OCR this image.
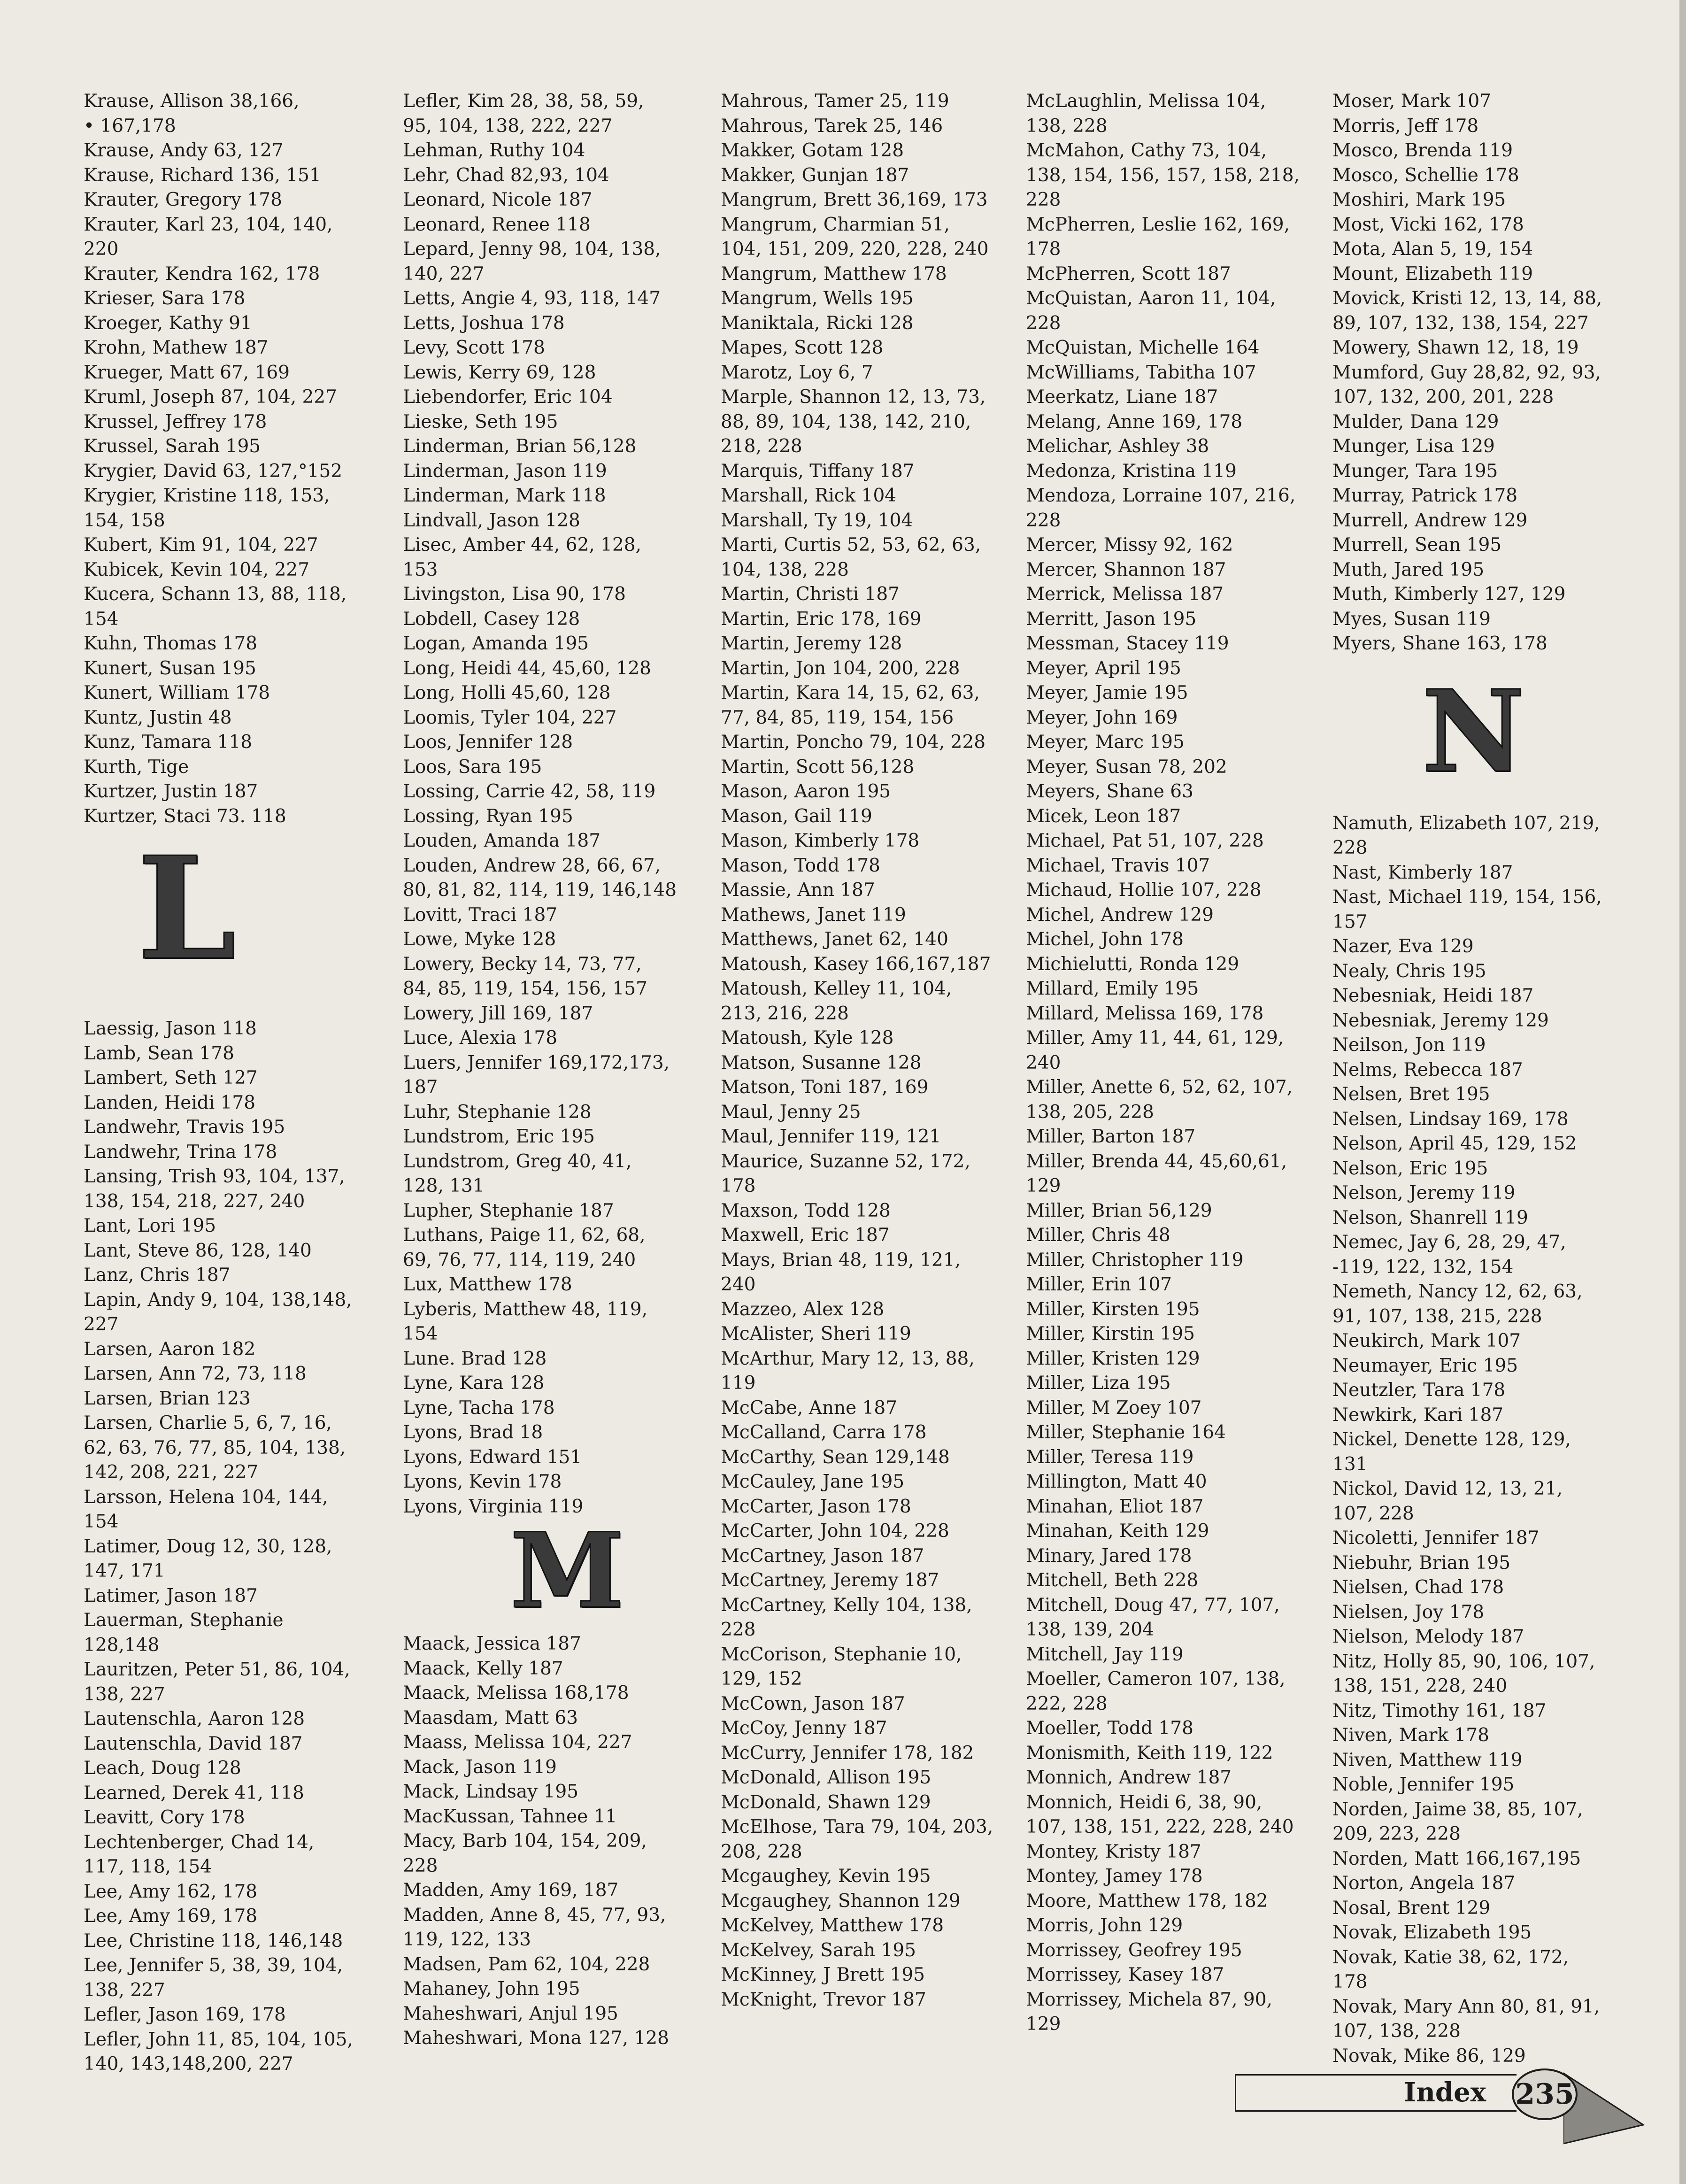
Krause, Allison 38,166,
• 167,178
Krause, Andy 63, 127
Krause, Richard 136, 151
Krauter, Gregory 178
Krauter, Karl 23, 104, 140,
220
Krauter, Kendra 162, 178
Krieser, Sara 178
Kroeger, Kathy 91
Krohn, Mathew 187
Krueger, Matt 67, 169
Kruml, Joseph 87, 104, 227
Krussel, Jeffrey 178
Krussel, Sarah 195
Krygier, David 63, 127,°152
Krygier, Kristine 118, 153,
154, 158
Kubert, Kim 91, 104, 227
Kubicek, Kevin 104, 227
Kucera, Schann 13, 88, 118,
154
Kuhn, Thomas 178
Kunert, Susan 195
Kunert, William 178
Kuntz, Justin 48
Kunz, Tamara 118
Kurth, Tige
Kurtzer, Justin 187
Kurtzer, Staci 73. 118
L
Laessig, Jason 118
Lamb, Sean 178
Lambert, Seth 127
Landen, Heidi 178
Landwehr, Travis 195
Landwehr, Trina 178
Lansing, Trish 93, 104, 137,
138, 154, 218, 227, 240
Lant, Lori 195
Lant, Steve 86, 128, 140
Lanz, Chris 187
Lapin, Andy 9, 104, 138,148,
227
Larsen, Aaron 182
Larsen, Ann 72, 73, 118
Larsen, Brian 123
Larsen, Charlie 5, 6, 7, 16,
62, 63, 76, 77, 85, 104, 138,
142, 208, 221, 227
Larsson, Helena 104, 144,
154
Latimer, Doug 12, 30, 128,
147, 171
Latimer, Jason 187
Lauerman, Stephanie
128,148
Lauritzen, Peter 51, 86, 104,
138, 227
Lautenschla, Aaron 128
Lautenschla, David 187
Leach, Doug 128
Learned, Derek 41, 118
Leavitt, Cory 178
Lechtenberger, Chad 14,
117, 118, 154
Lee, Amy 162, 178
Lee, Amy 169, 178
Lee, Christine 118, 146,148
Lee, Jennifer 5, 38, 39, 104,
138, 227
Lefler, Jason 169, 178
Lefler, John 11, 85, 104, 105,
140, 143,148,200, 227
Lefler, Kim 28, 38, 58, 59,
95, 104, 138, 222, 227
Lehman, Ruthy 104
Lehr, Chad 82,93, 104
Leonard, Nicole 187
Leonard, Renee 118
Lepard, Jenny 98, 104, 138,
140, 227
Letts, Angie 4, 93, 118, 147
Letts, Joshua 178
Levy, Scott 178
Lewis, Kerry 69, 128
Liebendorfer, Eric 104
Lieske, Seth 195
Linderman, Brian 56,128
Linderman, Jason 119
Linderman, Mark 118
Lindvall, Jason 128
Lisec, Amber 44, 62, 128,
153
Livingston, Lisa 90, 178
Lobdell, Casey 128
Logan, Amanda 195
Long, Heidi 44, 45,60, 128
Long, Holli 45,60, 128
Loomis, Tyler 104, 227
Loos, Jennifer 128
Loos, Sara 195
Lossing, Carrie 42, 58, 119
Lossing, Ryan 195
Louden, Amanda 187
Louden, Andrew 28, 66, 67,
80, 81, 82, 114, 119, 146,148
Lovitt, Traci 187
Lowe, Myke 128
Lowery, Becky 14, 73, 77,
84, 85, 119, 154, 156, 157
Lowery, Jill 169, 187
Luce, Alexia 178
Luers, Jennifer 169,172,173,
187
Luhr, Stephanie 128
Lundstrom, Eric 195
Lundstrom, Greg 40, 41,
128, 131
Lupher, Stephanie 187
Luthans, Paige 11, 62, 68,
69, 76, 77, 114, 119, 240
Lux, Matthew 178
Lyberis, Matthew 48, 119,
154
Lune. Brad 128
Lyne, Kara 128
Lyne, Tacha 178
Lyons, Brad 18
Lyons, Edward 151
Lyons, Kevin 178
Lyons, Virginia 119
M
Maack, Jessica 187
Maack, Kelly 187
Maack, Melissa 168,178
Maasdam, Matt 63
Maass, Melissa 104, 227
Mack, Jason 119
Mack, Lindsay 195
MacKussan, Tahnee 11
Macy, Barb 104, 154, 209,
228
Madden, Amy 169, 187
Madden, Anne 8, 45, 77, 93,
119, 122, 133
Madsen, Pam 62, 104, 228
Mahaney, John 195
Maheshwari, Anjul 195
Maheshwari, Mona 127, 128
Mahrous, Tamer 25, 119
Mahrous, Tarek 25, 146
Makker, Gotam 128
Makker, Gunjan 187
Mangrum, Brett 36,169, 173
Mangrum, Charmian 51,
104, 151, 209, 220, 228, 240
Mangrum, Matthew 178
Mangrum, Wells 195
Maniktala, Ricki 128
Mapes, Scott 128
Marotz, Loy 6, 7
Marple, Shannon 12, 13, 73,
88, 89, 104, 138, 142, 210,
218, 228
Marquis, Tiffany 187
Marshall, Rick 104
Marshall, Ty 19, 104
Marti, Curtis 52, 53, 62, 63,
104, 138, 228
Martin, Christi 187
Martin, Eric 178, 169
Martin, Jeremy 128
Martin, Jon 104, 200, 228
Martin, Kara 14, 15, 62, 63,
77, 84, 85, 119, 154, 156
Martin, Poncho 79, 104, 228
Martin, Scott 56,128
Mason, Aaron 195
Mason, Gail 119
Mason, Kimberly 178
Mason, Todd 178
Massie, Ann 187
Mathews, Janet 119
Matthews, Janet 62, 140
Matoush, Kasey 166,167,187
Matoush, Kelley 11, 104,
213, 216, 228
Matoush, Kyle 128
Matson, Susanne 128
Matson, Toni 187, 169
Maul, Jenny 25
Maul, Jennifer 119, 121
Maurice, Suzanne 52, 172,
178
Maxson, Todd 128
Maxwell, Eric 187
Mays, Brian 48, 119, 121,
240
Mazzeo, Alex 128
McAlister, Sheri 119
McArthur, Mary 12, 13, 88,
119
McCabe, Anne 187
McCalland, Carra 178
McCarthy, Sean 129,148
McCauley, Jane 195
McCarter, Jason 178
McCarter, John 104, 228
McCartney, Jason 187
McCartney, Jeremy 187
McCartney, Kelly 104, 138,
228
McCorison, Stephanie 10,
129, 152
McCown, Jason 187
McCoy, Jenny 187
McCurry, Jennifer 178, 182
McDonald, Allison 195
McDonald, Shawn 129
McElhose, Tara 79, 104, 203,
208, 228
Mcgaughey, Kevin 195
Mcgaughey, Shannon 129
McKelvey, Matthew 178
McKelvey, Sarah 195
McKinney, J Brett 195
McKnight, Trevor 187
McLaughlin, Melissa 104,
138, 228
McMahon, Cathy 73, 104,
138, 154, 156, 157, 158, 218,
228
McPherren, Leslie 162, 169,
178
McPherren, Scott 187
McQuistan, Aaron 11, 104,
228
McQuistan, Michelle 164
McWilliams, Tabitha 107
Meerkatz, Liane 187
Melang, Anne 169, 178
Melichar, Ashley 38
Medonza, Kristina 119
Mendoza, Lorraine 107, 216,
228
Mercer, Missy 92, 162
Mercer, Shannon 187
Merrick, Melissa 187
Merritt, Jason 195
Messman, Stacey 119
Meyer, April 195
Meyer, Jamie 195
Meyer, John 169
Meyer, Marc 195
Meyer, Susan 78, 202
Meyers, Shane 63
Micek, Leon 187
Michael, Pat 51, 107, 228
Michael, Travis 107
Michaud, Hollie 107, 228
Michel, Andrew 129
Michel, John 178
Michielutti, Ronda 129
Millard, Emily 195
Millard, Melissa 169, 178
Miller, Amy 11, 44, 61, 129,
240
Miller, Anette 6, 52, 62, 107,
138, 205, 228
Miller, Barton 187
Miller, Brenda 44, 45,60,61,
129
Miller, Brian 56,129
Miller, Chris 48
Miller, Christopher 119
Miller, Erin 107
Miller, Kirsten 195
Miller, Kirstin 195
Miller, Kristen 129
Miller, Liza 195
Miller, M Zoey 107
Miller, Stephanie 164
Miller, Teresa 119
Millington, Matt 40
Minahan, Eliot 187
Minahan, Keith 129
Minary, Jared 178
Mitchell, Beth 228
Mitchell, Doug 47, 77, 107,
138, 139, 204
Mitchell, Jay 119
Moeller, Cameron 107, 138,
222, 228
Moeller, Todd 178
Monismith, Keith 119, 122
Monnich, Andrew 187
Monnich, Heidi 6, 38, 90,
107, 138, 151, 222, 228, 240
Montey, Kristy 187
Montey, Jamey 178
Moore, Matthew 178, 182
Morris, John 129
Morrissey, Geofrey 195
Morrissey, Kasey 187
Morrissey, Michela 87, 90,
129
Moser, Mark 107
Morris, Jeff 178
Mosco, Brenda 119
Mosco, Schellie 178
Moshiri, Mark 195
Most, Vicki 162, 178
Mota, Alan 5, 19, 154
Mount, Elizabeth 119
Movick, Kristi 12, 13, 14, 88,
89, 107, 132, 138, 154, 227
Mowery, Shawn 12, 18, 19
Mumford, Guy 28,82, 92, 93,
107, 132, 200, 201, 228
Mulder, Dana 129
Munger, Lisa 129
Munger, Tara 195
Murray, Patrick 178
Murrell, Andrew 129
Murrell, Sean 195
Muth, Jared 195
Muth, Kimberly 127, 129
Myes, Susan 119
Myers, Shane 163, 178
N
Namuth, Elizabeth 107, 219,
228
Nast, Kimberly 187
Nast, Michael 119, 154, 156,
157
Nazer, Eva 129
Nealy, Chris 195
Nebesniak, Heidi 187
Nebesniak, Jeremy 129
Neilson, Jon 119
Nelms, Rebecca 187
Nelsen, Bret 195
Nelsen, Lindsay 169, 178
Nelson, April 45, 129, 152
Nelson, Eric 195
Nelson, Jeremy 119
Nelson, Shanrell 119
Nemec, Jay 6, 28, 29, 47,
-119, 122, 132, 154
Nemeth, Nancy 12, 62, 63,
91, 107, 138, 215, 228
Neukirch, Mark 107
Neumayer, Eric 195
Neutzler, Tara 178
Newkirk, Kari 187
Nickel, Denette 128, 129,
131
Nickol, David 12, 13, 21,
107, 228
Nicoletti, Jennifer 187
Niebuhr, Brian 195
Nielsen, Chad 178
Nielsen, Joy 178
Nielson, Melody 187
Nitz, Holly 85, 90, 106, 107,
138, 151, 228, 240
Nitz, Timothy 161, 187
Niven, Mark 178
Niven, Matthew 119
Noble, Jennifer 195
Norden, Jaime 38, 85, 107,
209, 223, 228
Norden, Matt 166,167,195
Norton, Angela 187
Nosal, Brent 129
Novak, Elizabeth 195
Novak, Katie 38, 62, 172,
178
Novak, Mary Ann 80, 81, 91,
107, 138, 228
Novak, Mike 86, 129
Index 235
